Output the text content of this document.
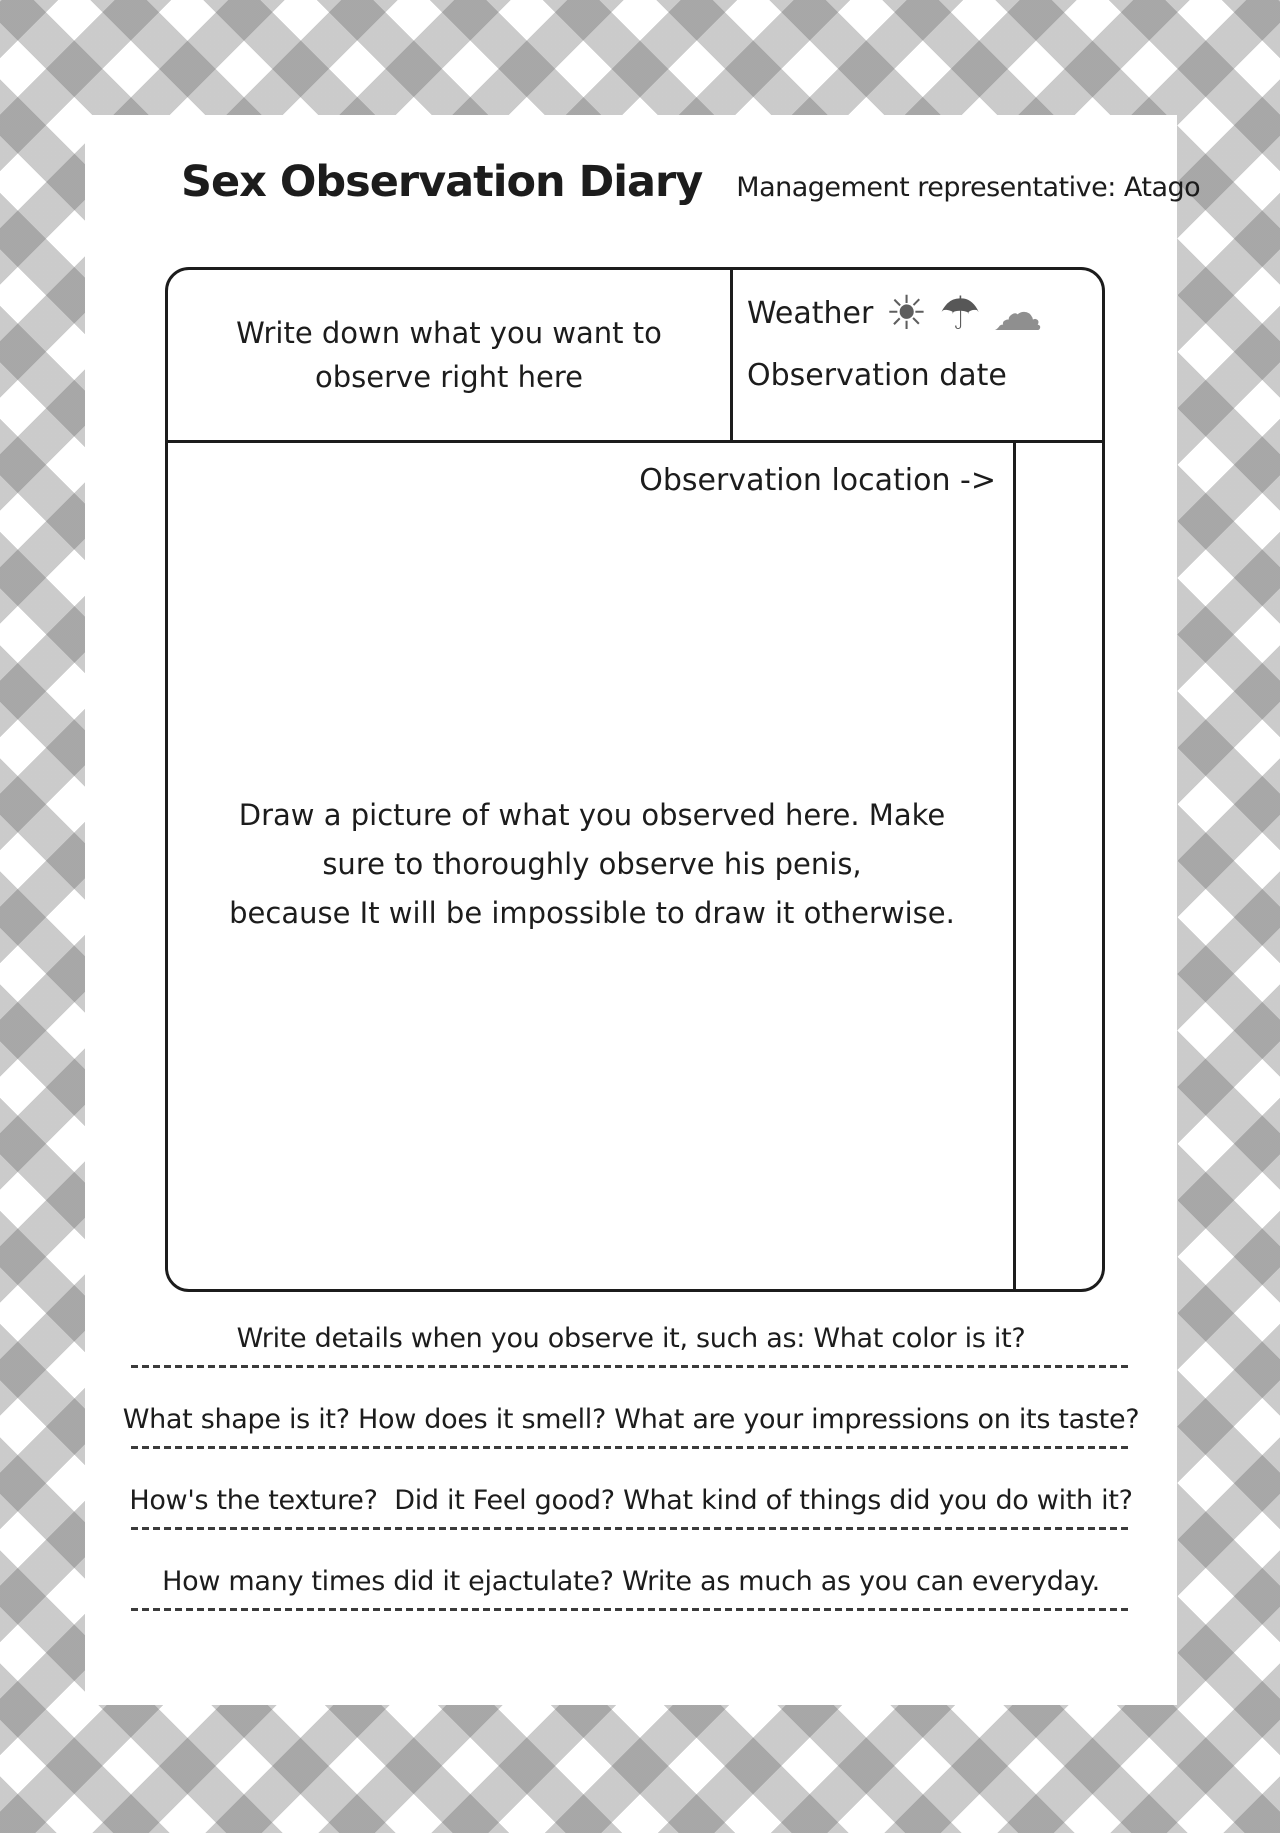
Sex Observation Diary Management representative: Atago
Write down what you want to observe right here
Weather ☀ ☂ ☁
Observation date
Observation location ->
Draw a picture of what you observed here. Make
sure to thoroughly observe his penis,
because It will be impossible to draw it otherwise.
Write details when you observe it, such as: What color is it?
What shape is it? How does it smell? What are your impressions on its taste?
How's the texture?  Did it Feel good? What kind of things did you do with it?
How many times did it ejactulate? Write as much as you can everyday.
